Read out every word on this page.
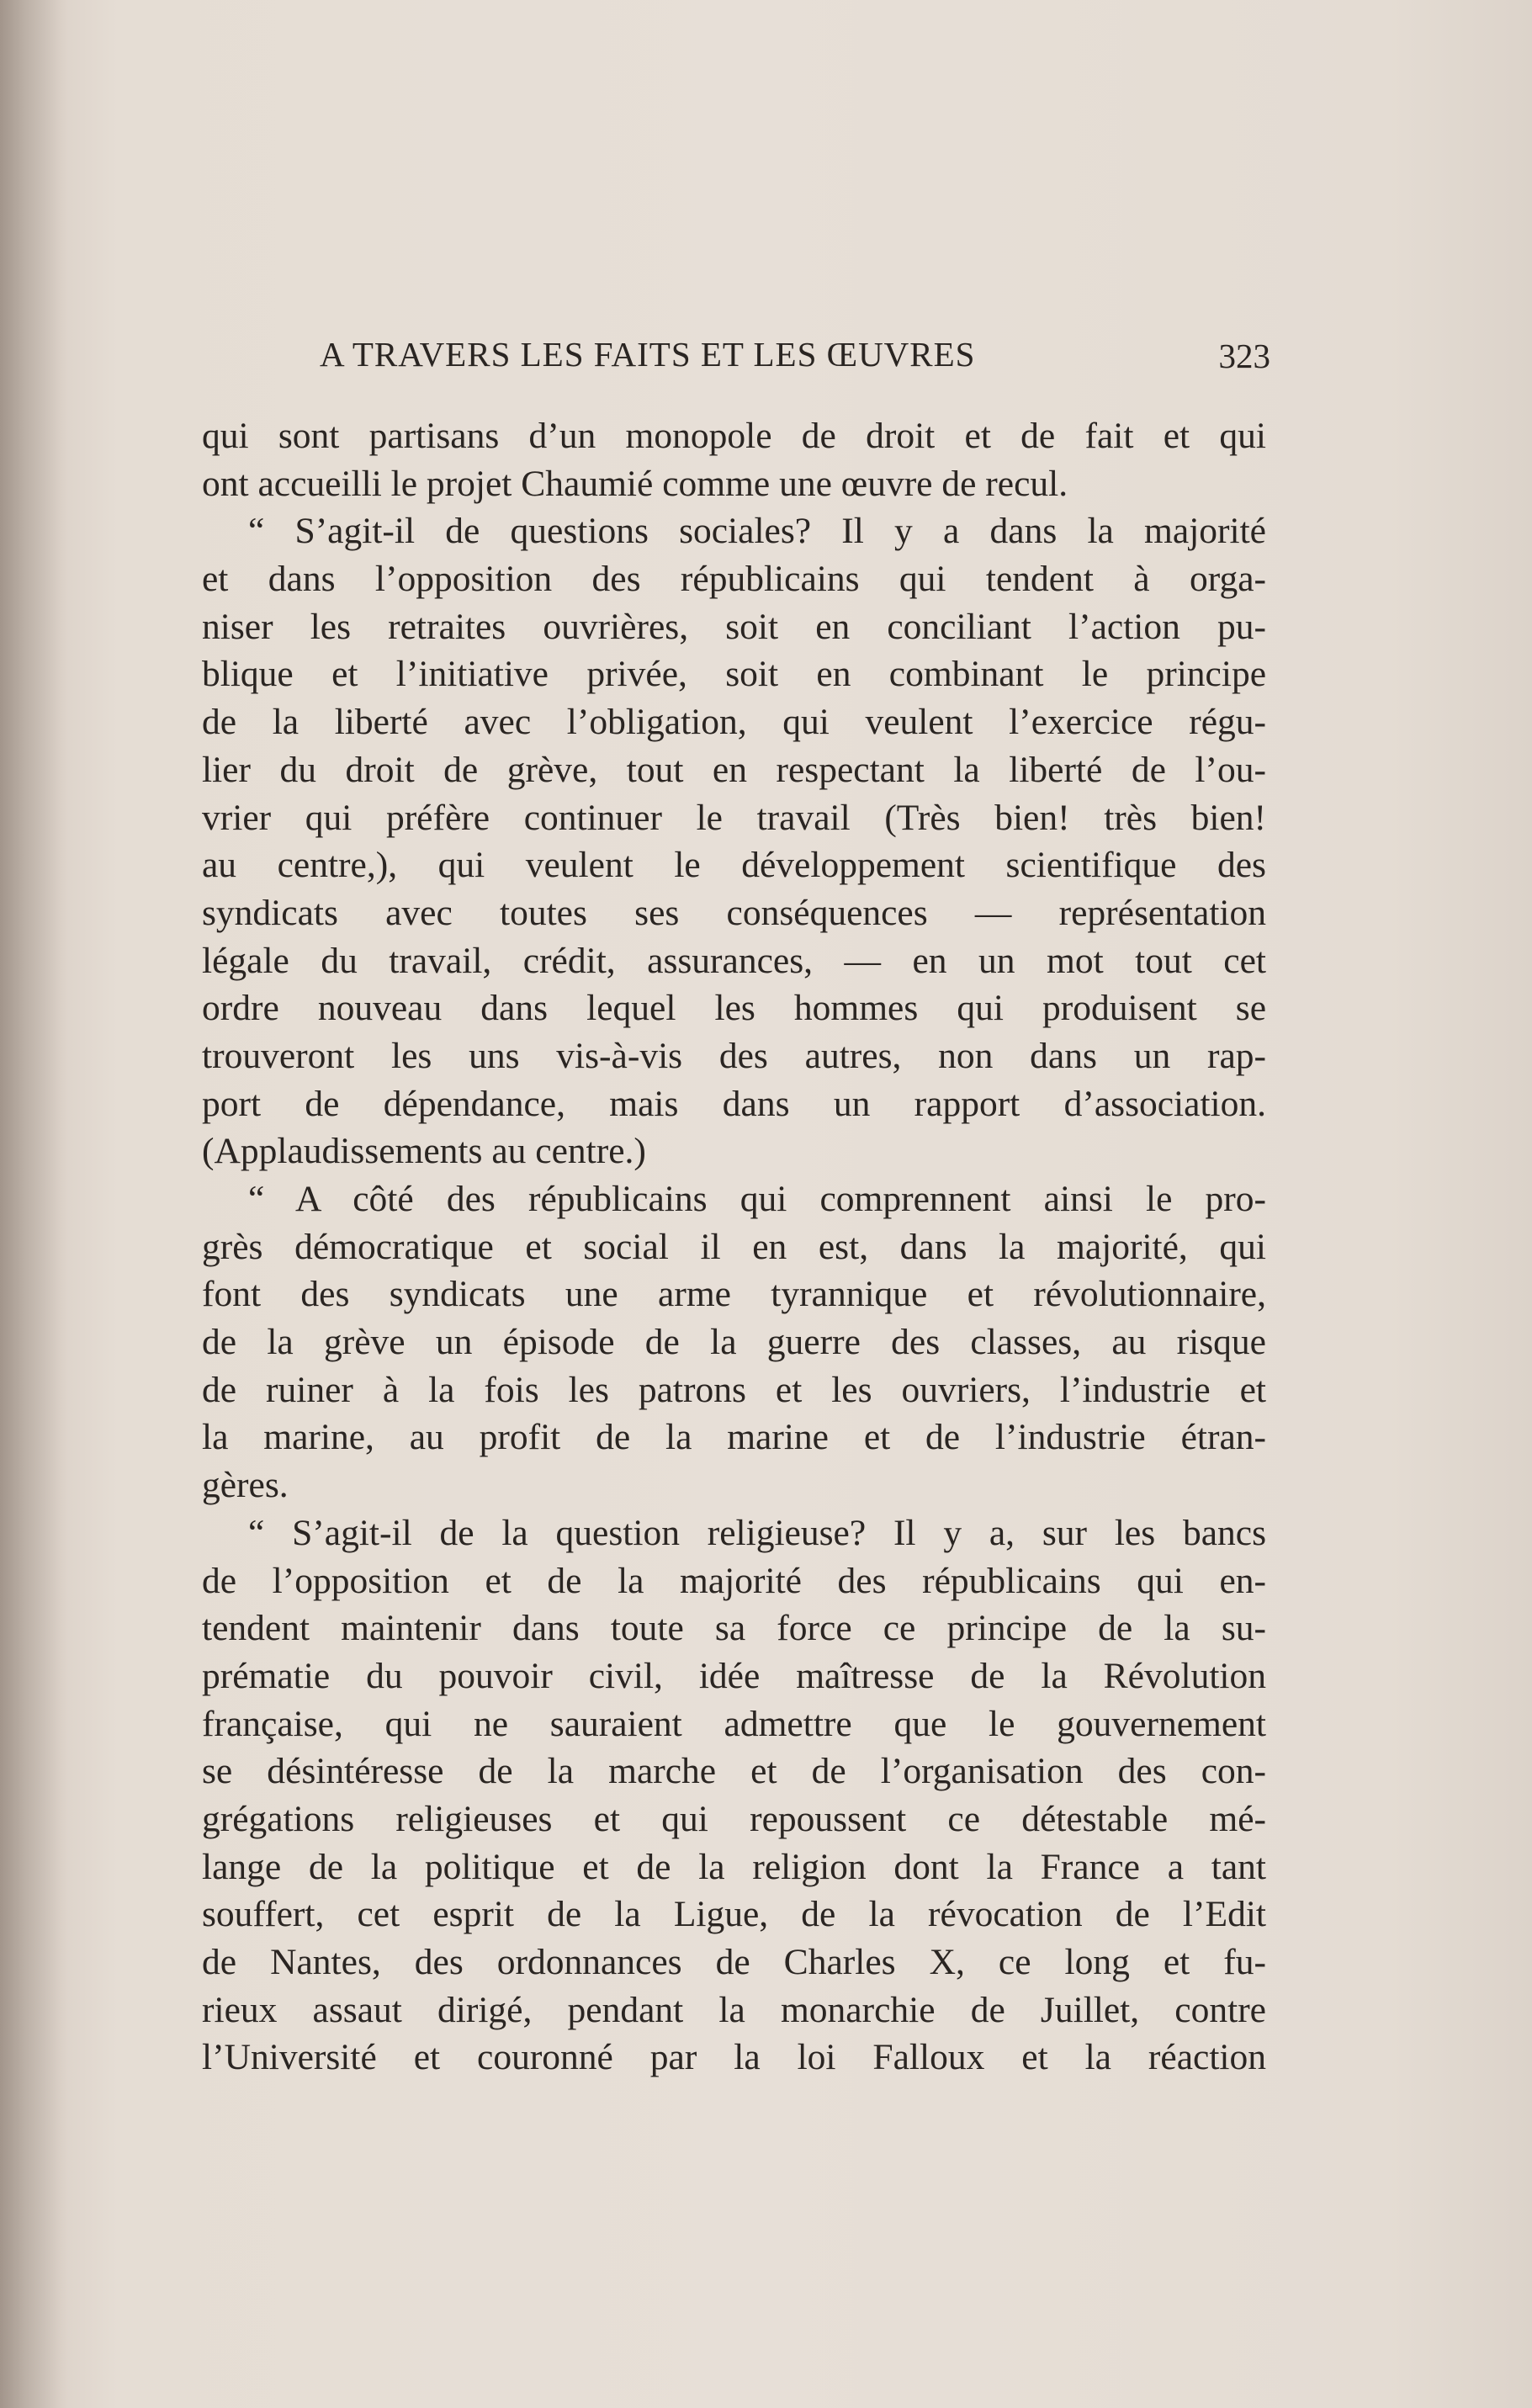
A TRAVERS LES FAITS ET LES ŒUVRES	323
qui sont partisans d’un monopole de droit et de fait et qui
ont accueilli le projet Chaumié comme une œuvre de recul.
“ S’agit-il de questions sociales? Il y a dans la majorité
et dans l’opposition des républicains qui tendent à orga-
niser les retraites ouvrières, soit en conciliant l’action pu-
blique et l’initiative privée, soit en combinant le principe
de la liberté avec l’obligation, qui veulent l’exercice régu-
lier du droit de grève, tout en respectant la liberté de l’ou-
vrier qui préfère continuer le travail (Très bien! très bien!
au centre,), qui veulent le développement scientifique des
syndicats avec toutes ses conséquences — représentation
légale du travail, crédit, assurances, — en un mot tout cet
ordre nouveau dans lequel les hommes qui produisent se
trouveront les uns vis-à-vis des autres, non dans un rap-
port de dépendance, mais dans un rapport d’association.
(Applaudissements au centre.)
“ A côté des républicains qui comprennent ainsi le pro-
grès démocratique et social il en est, dans la majorité, qui
font des syndicats une arme tyrannique et révolutionnaire,
de la grève un épisode de la guerre des classes, au risque
de ruiner à la fois les patrons et les ouvriers, l’industrie et
la marine, au profit de la marine et de l’industrie étran-
gères.
“ S’agit-il de la question religieuse? Il y a, sur les bancs
de l’opposition et de la majorité des républicains qui en-
tendent maintenir dans toute sa force ce principe de la su-
prématie du pouvoir civil, idée maîtresse de la Révolution
française, qui ne sauraient admettre que le gouvernement
se désintéresse de la marche et de l’organisation des con-
grégations religieuses et qui repoussent ce détestable mé-
lange de la politique et de la religion dont la France a tant
souffert, cet esprit de la Ligue, de la révocation de l’Edit
de Nantes, des ordonnances de Charles X, ce long et fu-
rieux assaut dirigé, pendant la monarchie de Juillet, contre
l’Université et couronné par la loi Falloux et la réaction
